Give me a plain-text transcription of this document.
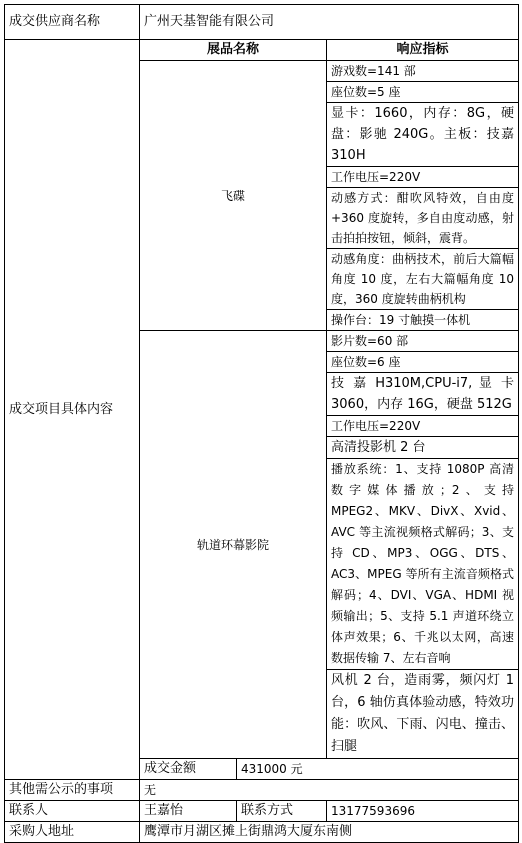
成交供应商名称	广州天基智能有限公司		
成交项目具体内容	展品名称		响应指标
	飞碟		游戏数=141 部
			座位数=5 座
			显卡：1660，内存：8G，硬盘：影驰 240G。主板：技嘉 310H
			工作电压=220V
			动感方式：酣吹风特效，自由度+360 度旋转，多自由度动感，射击拍拍按钮，倾斜，震背。
			动感角度：曲柄技术，前后大篇幅角度 10 度，左右大篇幅角度 10 度，360 度旋转曲柄机构
			操作台：19 寸触摸一体机
	轨道环幕影院		影片数=60 部
			座位数=6 座
			技 嘉 H310M,CPU-i7, 显 卡 3060，内存 16G，硬盘 512G
			工作电压=220V
			高清投影机 2 台
			播放系统：1、支持 1080P 高清数字媒体播放；2、支持 MPEG2、MKV、DivX、Xvid、AVC 等主流视频格式解码；3、支持 CD、MP3、OGG、DTS、AC3、MPEG 等所有主流音频格式解码；4、DVI、VGA、HDMI 视频输出；5、支持 5.1 声道环绕立体声效果；6、千兆以太网，高速数据传输 7、左右音响
			风机 2 台，造雨雾，频闪灯 1 台，6 轴仿真体验动感，特效功能：吹风、下雨、闪电、撞击、扫腿
	成交金额	431000 元	
其他需公示的事项	无		
联系人	王嘉怡	联系方式	13177593696
采购人地址	鹰潭市月湖区摊上街鼎鸿大厦东南侧		
